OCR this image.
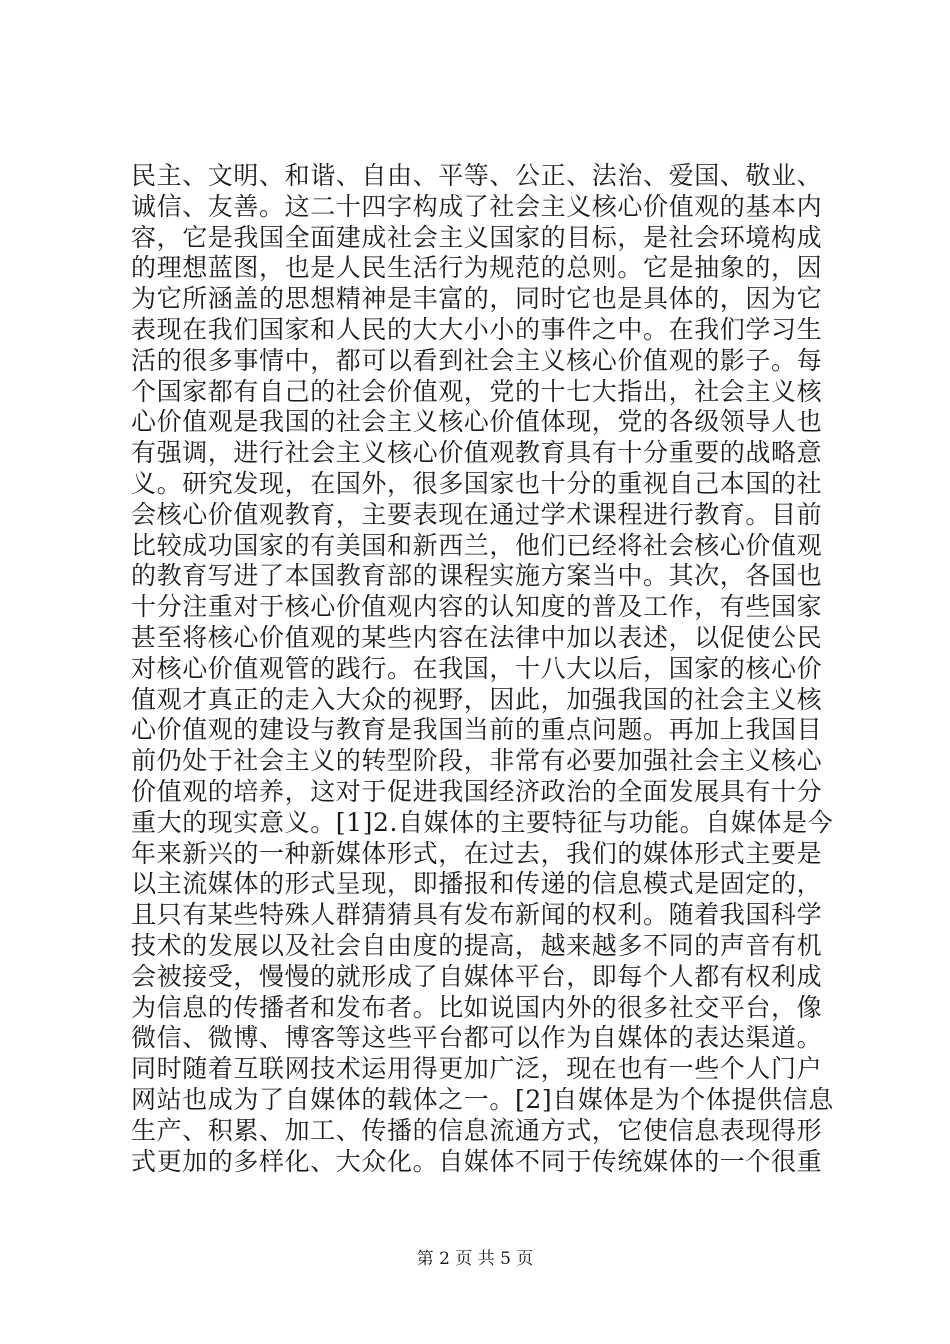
民主、文明、和谐、自由、平等、公正、法治、爱国、敬业、
诚信、友善。这二十四字构成了社会主义核心价值观的基本内
容，它是我国全面建成社会主义国家的目标，是社会环境构成
的理想蓝图，也是人民生活行为规范的总则。它是抽象的，因
为它所涵盖的思想精神是丰富的，同时它也是具体的，因为它
表现在我们国家和人民的大大小小的事件之中。在我们学习生
活的很多事情中，都可以看到社会主义核心价值观的影子。每
个国家都有自己的社会价值观，党的十七大指出，社会主义核
心价值观是我国的社会主义核心价值体现，党的各级领导人也
有强调，进行社会主义核心价值观教育具有十分重要的战略意
义。研究发现，在国外，很多国家也十分的重视自己本国的社
会核心价值观教育，主要表现在通过学术课程进行教育。目前
比较成功国家的有美国和新西兰，他们已经将社会核心价值观
的教育写进了本国教育部的课程实施方案当中。其次，各国也
十分注重对于核心价值观内容的认知度的普及工作，有些国家
甚至将核心价值观的某些内容在法律中加以表述，以促使公民
对核心价值观管的践行。在我国，十八大以后，国家的核心价
值观才真正的走入大众的视野，因此，加强我国的社会主义核
心价值观的建设与教育是我国当前的重点问题。再加上我国目
前仍处于社会主义的转型阶段，非常有必要加强社会主义核心
价值观的培养，这对于促进我国经济政治的全面发展具有十分
重大的现实意义。[1]2.自媒体的主要特征与功能。自媒体是今
年来新兴的一种新媒体形式，在过去，我们的媒体形式主要是
以主流媒体的形式呈现，即播报和传递的信息模式是固定的，
且只有某些特殊人群猜猜具有发布新闻的权利。随着我国科学
技术的发展以及社会自由度的提高，越来越多不同的声音有机
会被接受，慢慢的就形成了自媒体平台，即每个人都有权利成
为信息的传播者和发布者。比如说国内外的很多社交平台，像
微信、微博、博客等这些平台都可以作为自媒体的表达渠道。
同时随着互联网技术运用得更加广泛，现在也有一些个人门户
网站也成为了自媒体的载体之一。[2]自媒体是为个体提供信息
生产、积累、加工、传播的信息流通方式，它使信息表现得形
式更加的多样化、大众化。自媒体不同于传统媒体的一个很重
第 2 页 共 5 页
